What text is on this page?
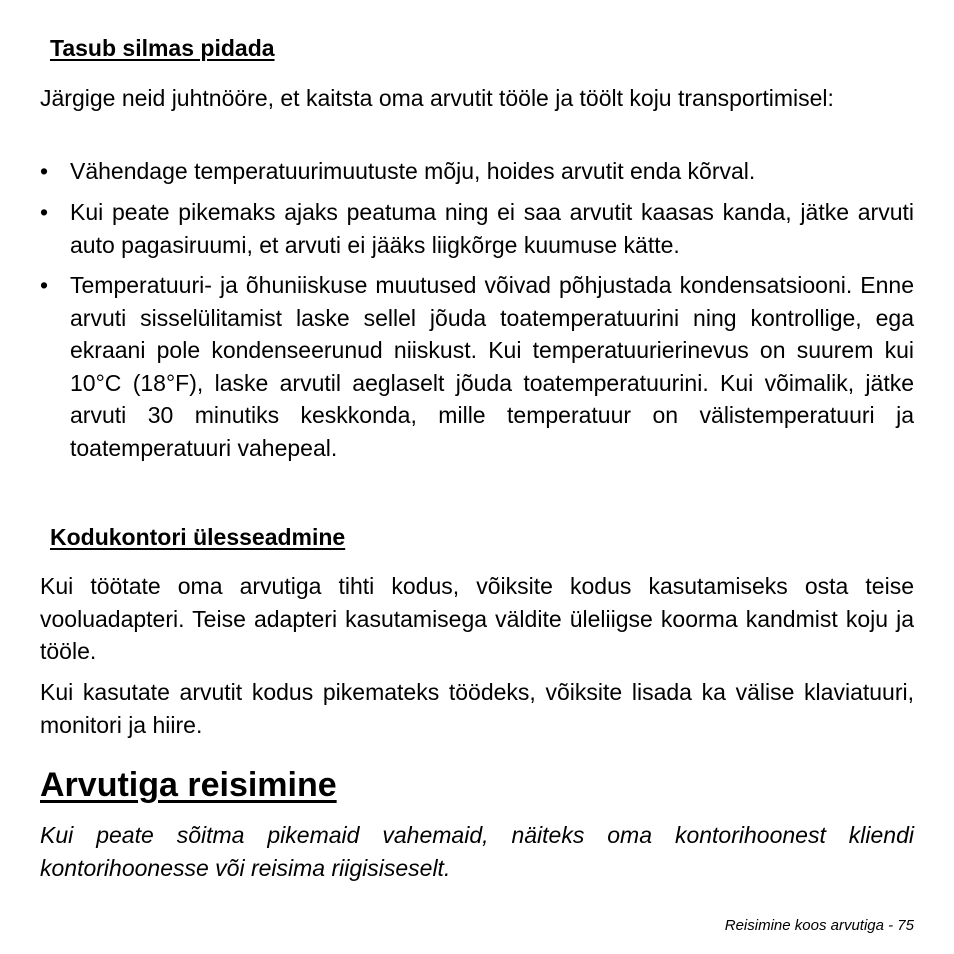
Tasub silmas pidada

Järgige neid juhtnööre, et kaitsta oma arvutit tööle ja töölt koju transportimisel:

• Vähendage temperatuurimuutuste mõju, hoides arvutit enda kõrval.
• Kui peate pikemaks ajaks peatuma ning ei saa arvutit kaasas kanda, jätke arvuti auto pagasiruumi, et arvuti ei jääks liigkõrge kuumuse kätte.
• Temperatuuri- ja õhuniiskuse muutused võivad põhjustada kondensatsiooni. Enne arvuti sisselülitamist laske sellel jõuda toatemperatuurini ning kontrollige, ega ekraani pole kondenseerunud niiskust. Kui temperatuurierinevus on suurem kui 10°C (18°F), laske arvutil aeglaselt jõuda toatemperatuurini. Kui võimalik, jätke arvuti 30 minutiks keskkonda, mille temperatuur on välistemperatuuri ja toatemperatuuri vahepeal.
Kodukontori ülesseadmine

Kui töötate oma arvutiga tihti kodus, võiksite kodus kasutamiseks osta teise vooluadapteri. Teise adapteri kasutamisega väldite üleliigse koorma kandmist koju ja tööle.

Kui kasutate arvutit kodus pikemateks töödeks, võiksite lisada ka välise klaviatuuri, monitori ja hiire.

Arvutiga reisimine

Kui peate sõitma pikemaid vahemaid, näiteks oma kontorihoonest kliendi kontorihoonesse või reisima riigisiseselt.

Reisimine koos arvutiga - 75
